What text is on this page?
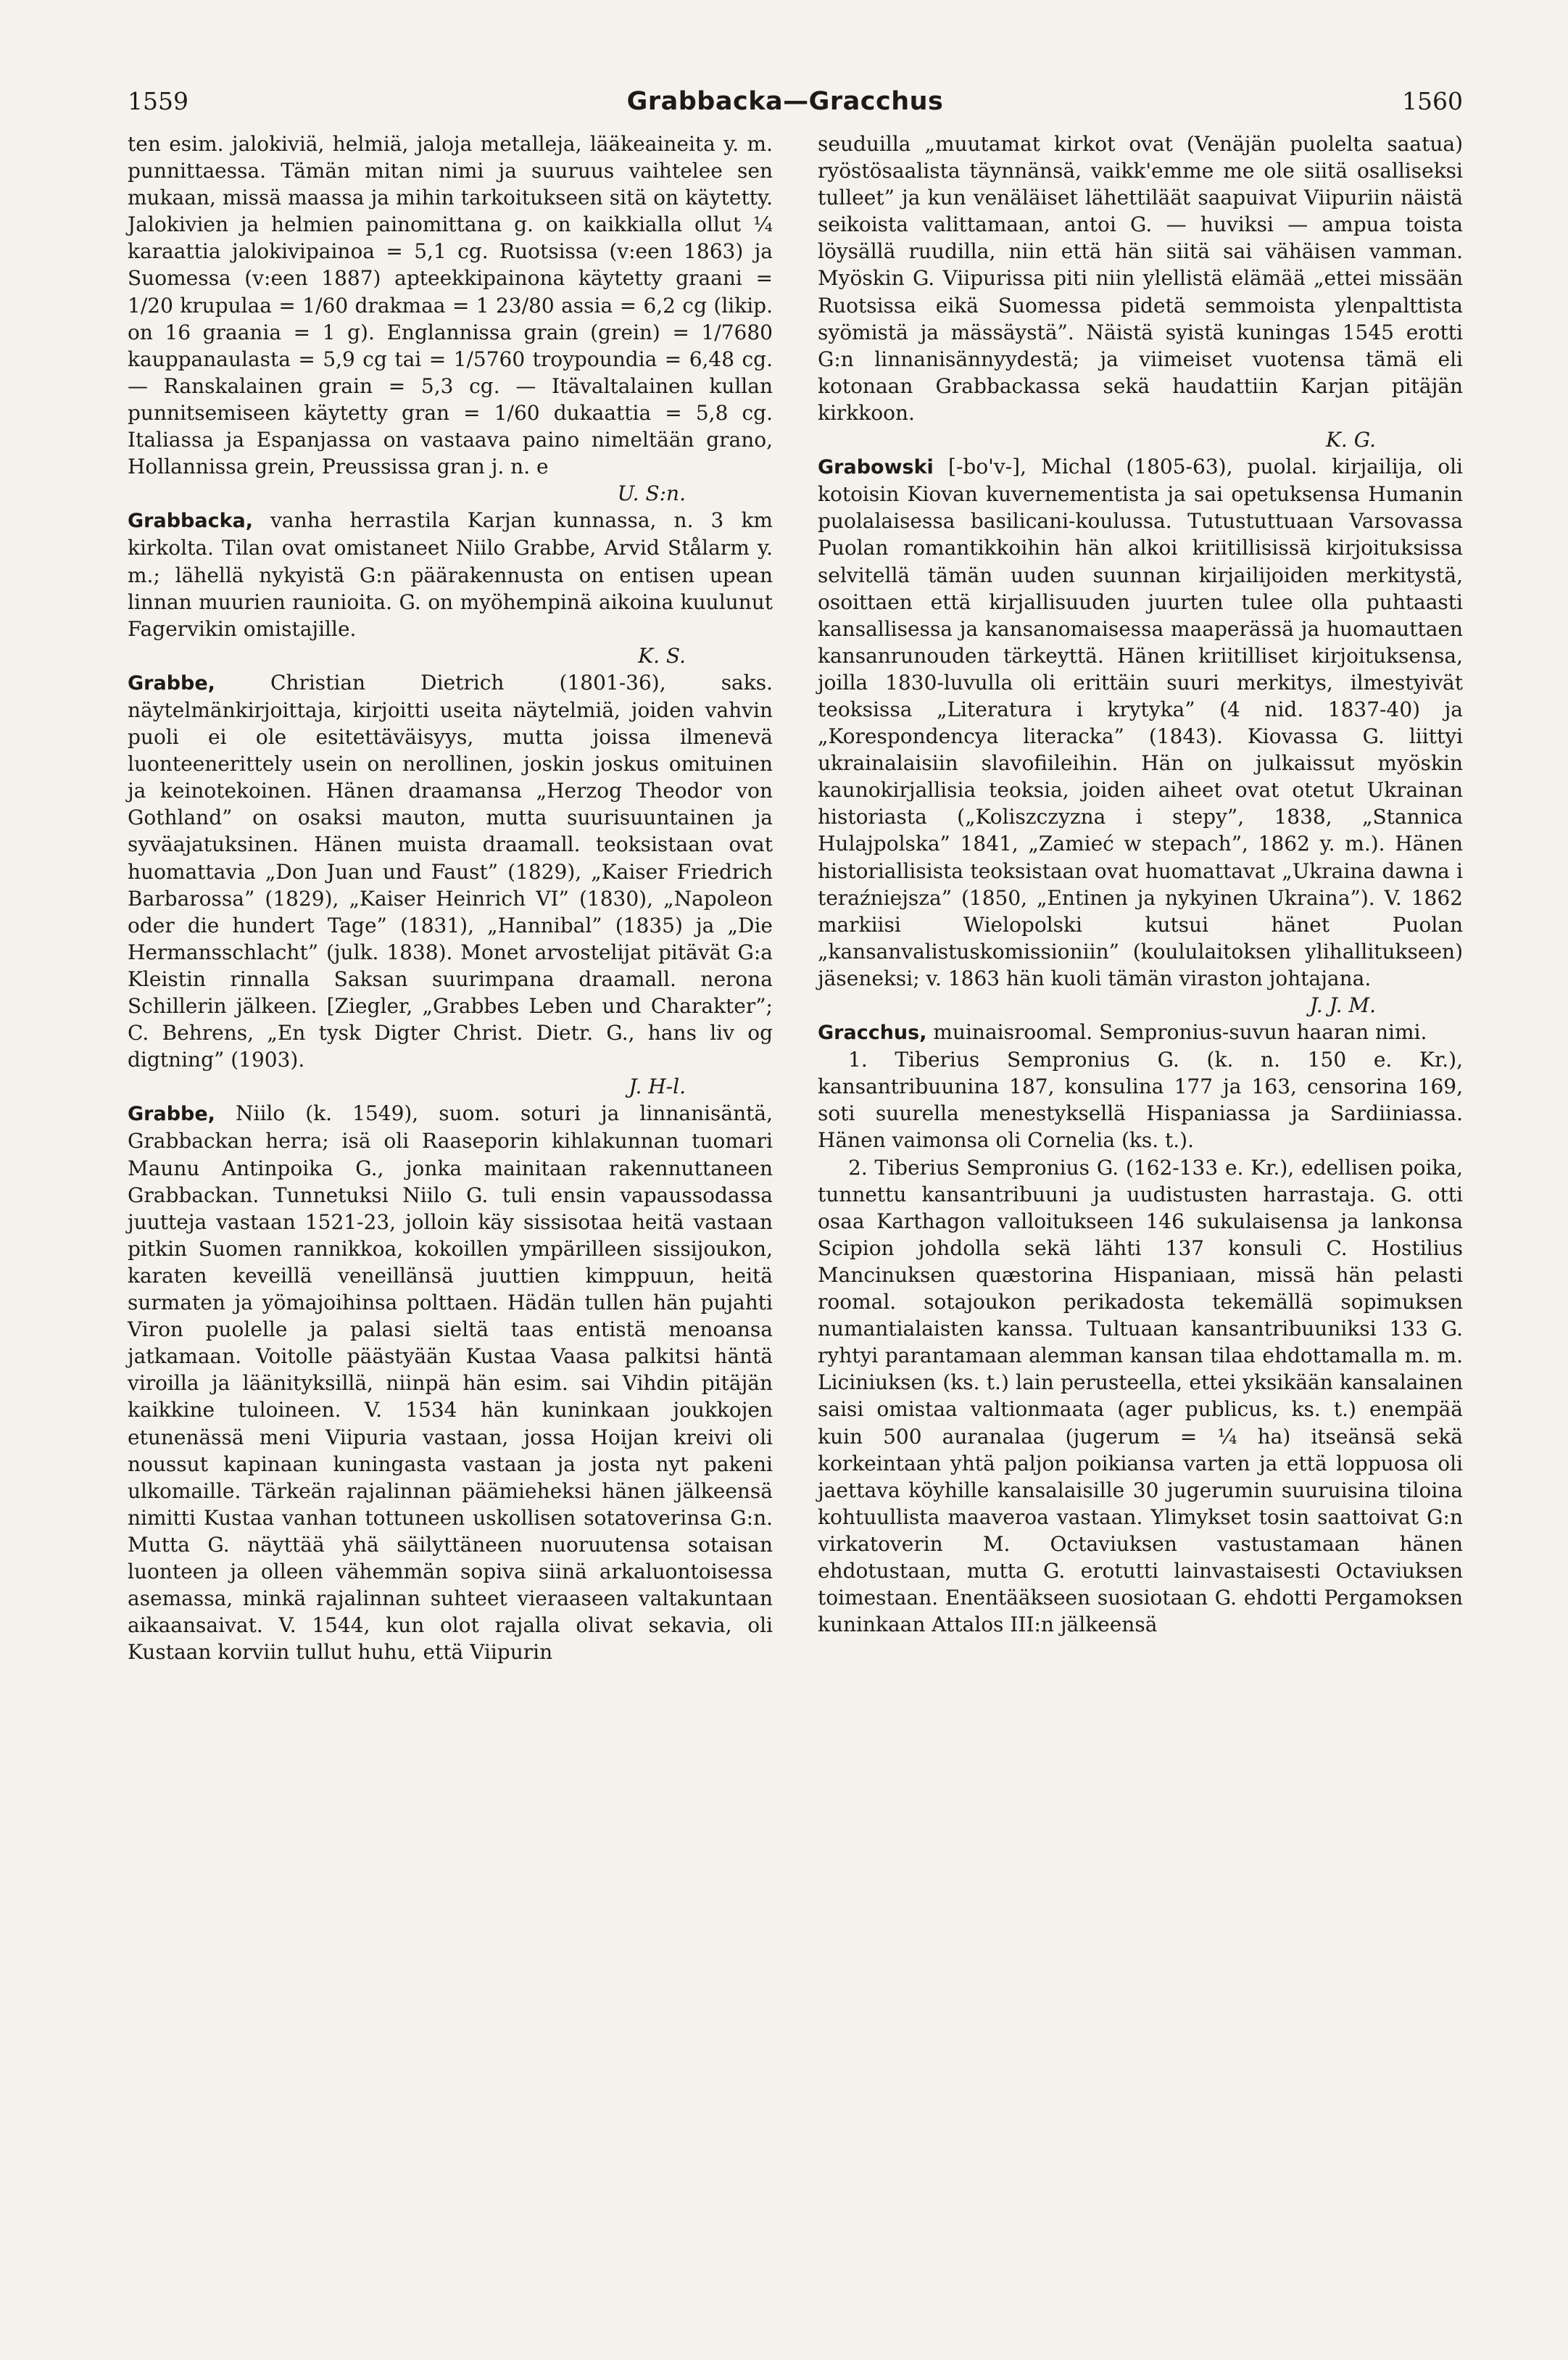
1559	Grabbacka—Gracchus	1560

ten esim. jalokiviä, helmiä, jaloja metalleja, lääkeaineita y. m. punnittaessa. Tämän mitan nimi ja suuruus vaihtelee sen mukaan, missä maassa ja mihin tarkoitukseen sitä on käytetty. Jalokivien ja helmien painomittana g. on kaikkialla ollut ¼ karaattia jalokivipainoa = 5,1 cg. Ruotsissa (v:een 1863) ja Suomessa (v:een 1887) apteekkipainona käytetty graani = 1/20 krupulaa = 1/60 drakmaa = 1 23/80 assia = 6,2 cg (likip. on 16 graania = 1 g). Englannissa grain (grein) = 1/7680 kauppanaulasta = 5,9 cg tai = 1/5760 troypoundia = 6,48 cg. — Ranskalainen grain = 5,3 cg. — Itävaltalainen kullan punnitsemiseen käytetty gran = 1/60 dukaattia = 5,8 cg. Italiassa ja Espanjassa on vastaava paino nimeltään grano, Hollannissa grein, Preussissa gran j. n. e
U. S:n.

Grabbacka, vanha herrastila Karjan kunnassa, n. 3 km kirkolta. Tilan ovat omistaneet Niilo Grabbe, Arvid Stålarm y. m.; lähellä nykyistä G:n päärakennusta on entisen upean linnan muurien raunioita. G. on myöhempinä aikoina kuulunut Fagervikin omistajille.
K. S.

Grabbe, Christian Dietrich (1801-36), saks. näytelmänkirjoittaja, kirjoitti useita näytelmiä, joiden vahvin puoli ei ole esitettäväisyys, mutta joissa ilmenevä luonteenerittely usein on nerollinen, joskin joskus omituinen ja keinotekoinen. Hänen draamansa „Herzog Theodor von Gothland” on osaksi mauton, mutta suurisuuntainen ja syväajatuksinen. Hänen muista draamall. teoksistaan ovat huomattavia „Don Juan und Faust” (1829), „Kaiser Friedrich Barbarossa” (1829), „Kaiser Heinrich VI” (1830), „Napoleon oder die hundert Tage” (1831), „Hannibal” (1835) ja „Die Hermansschlacht” (julk. 1838). Monet arvostelijat pitävät G:a Kleistin rinnalla Saksan suurimpana draamall. nerona Schillerin jälkeen. [Ziegler, „Grabbes Leben und Charakter”; C. Behrens, „En tysk Digter Christ. Dietr. G., hans liv og digtning” (1903).
J. H-l.

Grabbe, Niilo (k. 1549), suom. soturi ja linnanisäntä, Grabbackan herra; isä oli Raaseporin kihlakunnan tuomari Maunu Antinpoika G., jonka mainitaan rakennuttaneen Grabbackan. Tunnetuksi Niilo G. tuli ensin vapaussodassa juutteja vastaan 1521-23, jolloin käy sissisotaa heitä vastaan pitkin Suomen rannikkoa, kokoillen ympärilleen sissijoukon, karaten keveillä veneillänsä juuttien kimppuun, heitä surmaten ja yömajoihinsa polttaen. Hädän tullen hän pujahti Viron puolelle ja palasi sieltä taas entistä menoansa jatkamaan. Voitolle päästyään Kustaa Vaasa palkitsi häntä viroilla ja läänityksillä, niinpä hän esim. sai Vihdin pitäjän kaikkine tuloineen. V. 1534 hän kuninkaan joukkojen etunenässä meni Viipuria vastaan, jossa Hoijan kreivi oli noussut kapinaan kuningasta vastaan ja josta nyt pakeni ulkomaille. Tärkeän rajalinnan päämieheksi hänen jälkeensä nimitti Kustaa vanhan tottuneen uskollisen sotatoverinsa G:n. Mutta G. näyttää yhä säilyttäneen nuoruutensa sotaisan luonteen ja olleen vähemmän sopiva siinä arkaluontoisessa asemassa, minkä rajalinnan suhteet vieraaseen valtakuntaan aikaansaivat. V. 1544, kun olot rajalla olivat sekavia, oli Kustaan korviin tullut huhu, että Viipurin

seuduilla „muutamat kirkot ovat (Venäjän puolelta saatua) ryöstösaalista täynnänsä, vaikk'emme me ole siitä osalliseksi tulleet” ja kun venäläiset lähettiläät saapuivat Viipuriin näistä seikoista valittamaan, antoi G. — huviksi — ampua toista löysällä ruudilla, niin että hän siitä sai vähäisen vamman. Myöskin G. Viipurissa piti niin ylellistä elämää „ettei missään Ruotsissa eikä Suomessa pidetä semmoista ylenpalttista syömistä ja mässäystä”. Näistä syistä kuningas 1545 erotti G:n linnanisännyydestä; ja viimeiset vuotensa tämä eli kotonaan Grabbackassa sekä haudattiin Karjan pitäjän kirkkoon.
K. G.

Grabowski [-bo'v-], Michal (1805-63), puolal. kirjailija, oli kotoisin Kiovan kuvernementista ja sai opetuksensa Humanin puolalaisessa basilicani-koulussa. Tutustuttuaan Varsovassa Puolan romantikkoihin hän alkoi kriitillisissä kirjoituksissa selvitellä tämän uuden suunnan kirjailijoiden merkitystä, osoittaen että kirjallisuuden juurten tulee olla puhtaasti kansallisessa ja kansanomaisessa maaperässä ja huomauttaen kansanrunouden tärkeyttä. Hänen kriitilliset kirjoituksensa, joilla 1830-luvulla oli erittäin suuri merkitys, ilmestyivät teoksissa „Literatura i krytyka” (4 nid. 1837-40) ja „Korespondencya literacka” (1843). Kiovassa G. liittyi ukrainalaisiin slavofiileihin. Hän on julkaissut myöskin kaunokirjallisia teoksia, joiden aiheet ovat otetut Ukrainan historiasta („Koliszczyzna i stepy”, 1838, „Stannica Hulajpolska” 1841, „Zamieć w stepach”, 1862 y. m.). Hänen historiallisista teoksistaan ovat huomattavat „Ukraina dawna i teraźniejsza” (1850, „Entinen ja nykyinen Ukraina”). V. 1862 markiisi Wielopolski kutsui hänet Puolan „kansanvalistuskomissioniin” (koululaitoksen ylihallitukseen) jäseneksi; v. 1863 hän kuoli tämän viraston johtajana.
J. J. M.

Gracchus, muinaisroomal. Sempronius-suvun haaran nimi.

1. Tiberius Sempronius G. (k. n. 150 e. Kr.), kansantribuunina 187, konsulina 177 ja 163, censorina 169, soti suurella menestyksellä Hispaniassa ja Sardiiniassa. Hänen vaimonsa oli Cornelia (ks. t.).

2. Tiberius Sempronius G. (162-133 e. Kr.), edellisen poika, tunnettu kansantribuuni ja uudistusten harrastaja. G. otti osaa Karthagon valloitukseen 146 sukulaisensa ja lankonsa Scipion johdolla sekä lähti 137 konsuli C. Hostilius Mancinuksen quæstorina Hispaniaan, missä hän pelasti roomal. sotajoukon perikadosta tekemällä sopimuksen numantialaisten kanssa. Tultuaan kansantribuuniksi 133 G. ryhtyi parantamaan alemman kansan tilaa ehdottamalla m. m. Liciniuksen (ks. t.) lain perusteella, ettei yksikään kansalainen saisi omistaa valtionmaata (ager publicus, ks. t.) enempää kuin 500 auranalaa (jugerum = ¼ ha) itseänsä sekä korkeintaan yhtä paljon poikiansa varten ja että loppuosa oli jaettava köyhille kansalaisille 30 jugerumin suuruisina tiloina kohtuullista maaveroa vastaan. Ylimykset tosin saattoivat G:n virkatoverin M. Octaviuksen vastustamaan hänen ehdotustaan, mutta G. erotutti lainvastaisesti Octaviuksen toimestaan. Enentääkseen suosiotaan G. ehdotti Pergamoksen kuninkaan Attalos III:n jälkeensä
